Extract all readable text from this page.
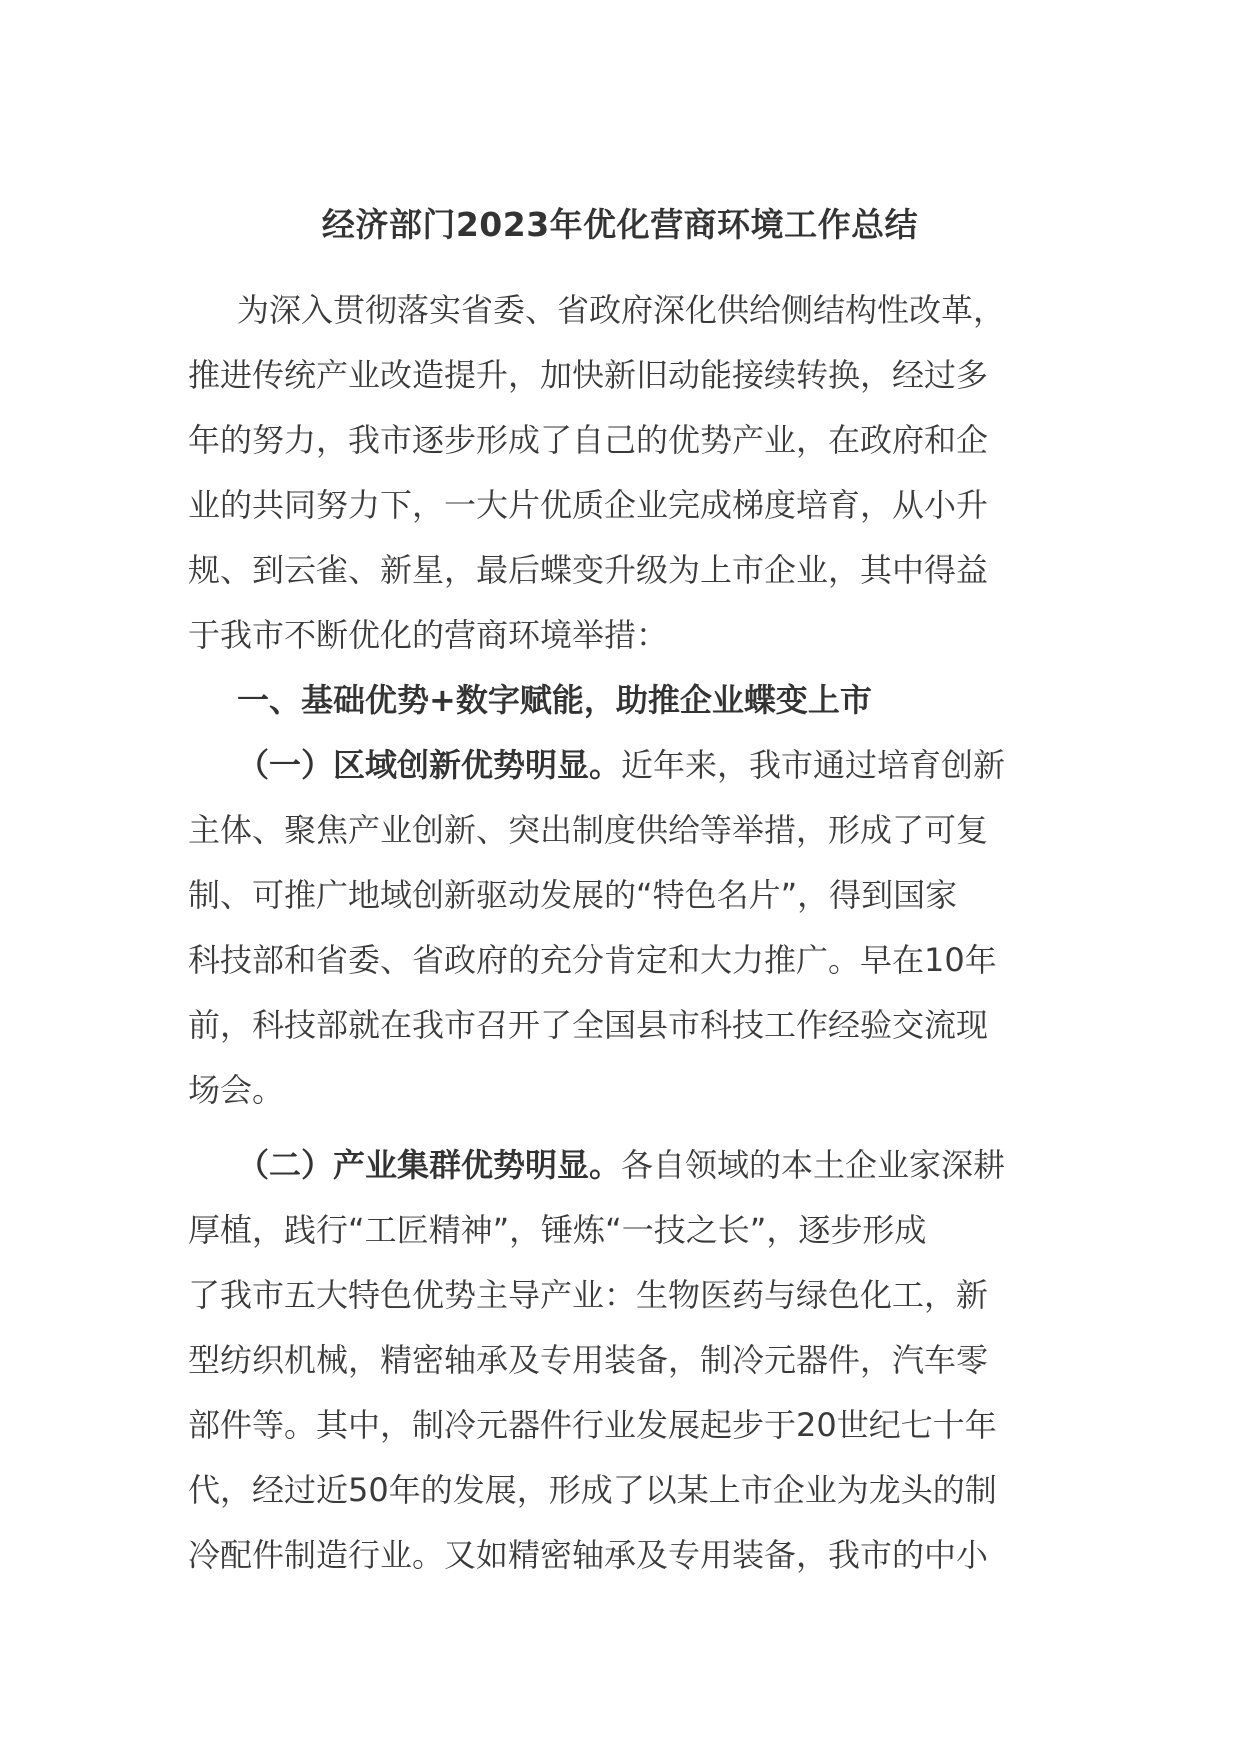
经济部门2023年优化营商环境工作总结
为深入贯彻落实省委、省政府深化供给侧结构性改革，
推进传统产业改造提升，加快新旧动能接续转换，经过多
年的努力，我市逐步形成了自己的优势产业，在政府和企
业的共同努力下，一大片优质企业完成梯度培育，从小升
规、到云雀、新星，最后蝶变升级为上市企业，其中得益
于我市不断优化的营商环境举措：
一、基础优势+数字赋能，助推企业蝶变上市
（一）区域创新优势明显。近年来，我市通过培育创新
主体、聚焦产业创新、突出制度供给等举措，形成了可复
制、可推广地域创新驱动发展的“特色名片”，得到国家
科技部和省委、省政府的充分肯定和大力推广。早在10年
前，科技部就在我市召开了全国县市科技工作经验交流现
场会。
（二）产业集群优势明显。各自领域的本土企业家深耕
厚植，践行“工匠精神”，锤炼“一技之长”，逐步形成
了我市五大特色优势主导产业：生物医药与绿色化工，新
型纺织机械，精密轴承及专用装备，制冷元器件，汽车零
部件等。其中，制冷元器件行业发展起步于20世纪七十年
代，经过近50年的发展，形成了以某上市企业为龙头的制
冷配件制造行业。又如精密轴承及专用装备，我市的中小
